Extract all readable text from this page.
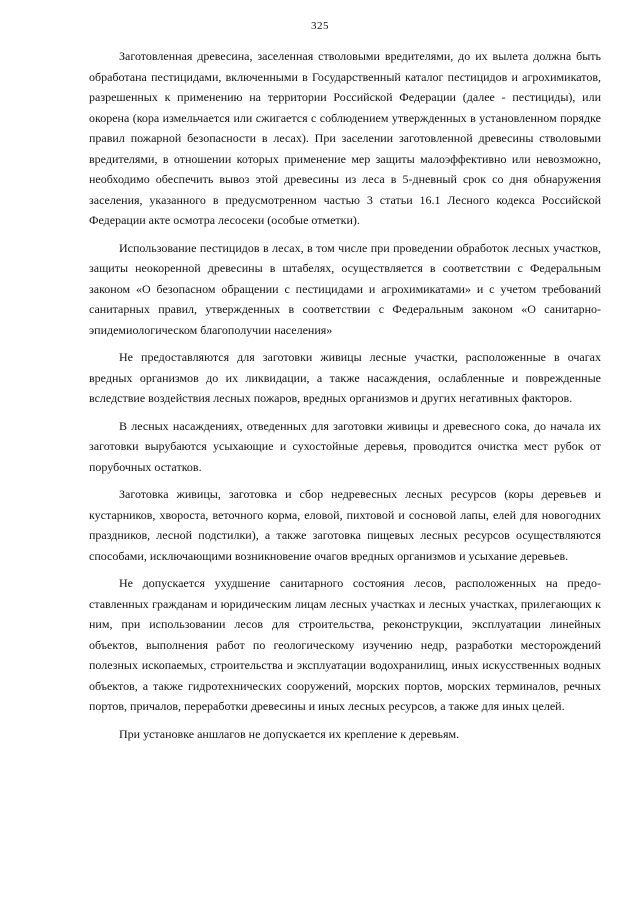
325

Заготовленная древесина, заселенная стволовыми вредителями, до их вылета должна быть обработана пестицидами, включенными в Государственный каталог пестицидов и агрохимикатов, разрешенных к применению на территории Российской Федерации (далее - пестициды), или окорена (кора измельчается или сжигается с соблюдением утвержденных в установленном порядке правил пожарной безопасности в лесах). При заселении заготовленной древесины стволовыми вредителями, в отношении которых применение мер защиты малоэффективно или невозможно, необходимо обеспечить вывоз этой древесины из леса в 5-дневный срок со дня обнаружения заселения, указанного в предусмотренном частью 3 статьи 16.1 Лесного кодекса Российской Федерации акте осмотра лесосеки (особые отметки).

Использование пестицидов в лесах, в том числе при проведении обработок лесных участков, защиты неокоренной древесины в штабелях, осуществляется в соответствии с Федеральным законом «О безопасном обращении с пестицидами и агрохимикатами» и с учетом требований санитарных правил, утвержденных в соответствии с Федеральным законом «О санитарно-эпидемиологическом благополучии населения»

Не предоставляются для заготовки живицы лесные участки, расположенные в очагах вредных организмов до их ликвидации, а также насаждения, ослабленные и поврежденные вследствие воздействия лесных пожаров, вредных организмов и других негативных факторов.

В лесных насаждениях, отведенных для заготовки живицы и древесного сока, до начала их заготовки вырубаются усыхающие и сухостойные деревья, проводится очистка мест рубок от порубочных остатков.

Заготовка живицы, заготовка и сбор недревесных лесных ресурсов (коры деревьев и кустарников, хвороста, веточного корма, еловой, пихтовой и сосновой лапы, елей для новогодних праздников, лесной подстилки), а также заготовка пищевых лесных ресурсов осуществляются способами, исключающими возникновение очагов вредных организмов и усыхание деревьев.

Не допускается ухудшение санитарного состояния лесов, расположенных на предоставленных гражданам и юридическим лицам лесных участках и лесных участках, прилегающих к ним, при использовании лесов для строительства, реконструкции, эксплуатации линейных объектов, выполнения работ по геологическому изучению недр, разработки месторождений полезных ископаемых, строительства и эксплуатации водохранилищ, иных искусственных водных объектов, а также гидротехнических сооружений, морских портов, морских терминалов, речных портов, причалов, переработки древесины и иных лесных ресурсов, а также для иных целей.

При установке аншлагов не допускается их крепление к деревьям.
